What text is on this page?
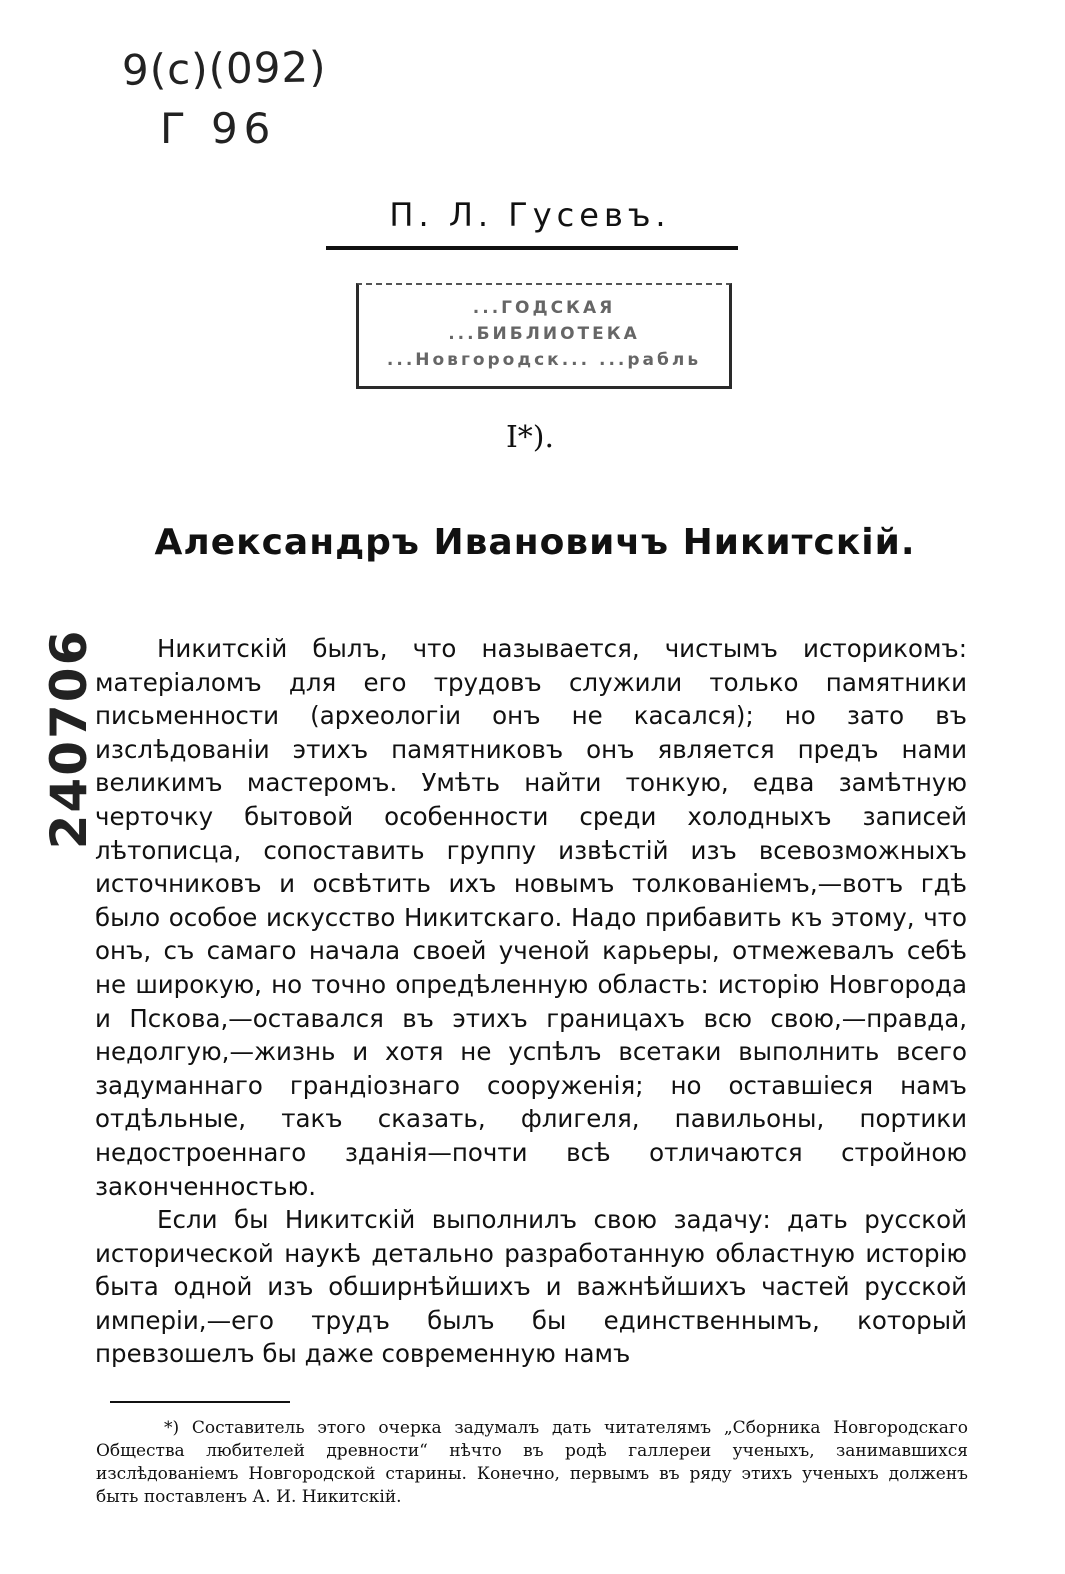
9(с)(092)
Г 96
240706
П. Л. Гусевъ.
...ГОДСКАЯ
...БИБЛИОТЕКА
...Новгородск... ...рабль
I*).
Александръ Ивановичъ Никитскій.

Никитскій былъ, что называется, чистымъ историкомъ: матеріаломъ для его трудовъ служили только памятники письменности (археологіи онъ не касался); но зато въ изслѣдованіи этихъ памятниковъ онъ является предъ нами великимъ мастеромъ. Умѣть найти тонкую, едва замѣтную черточку бытовой особенности среди холодныхъ записей лѣтописца, сопоставить группу извѣстій изъ всевозможныхъ источниковъ и освѣтить ихъ новымъ толкованіемъ,—вотъ гдѣ было особое искусство Никитскаго. Надо прибавить къ этому, что онъ, съ самаго начала своей ученой карьеры, отмежевалъ себѣ не широкую, но точно опредѣленную область: исторію Новгорода и Пскова,—оставался въ этихъ границахъ всю свою,—правда, недолгую,—жизнь и хотя не успѣлъ всетаки выполнить всего задуманнаго грандіознаго сооруженія; но оставшіеся намъ отдѣльные, такъ сказать, флигеля, павильоны, портики недостроеннаго зданія—почти всѣ отличаются стройною законченностью.

Если бы Никитскій выполнилъ свою задачу: дать русской исторической наукѣ детально разработанную областную исторію быта одной изъ обширнѣйшихъ и важнѣйшихъ частей русской имперіи,—его трудъ былъ бы единственнымъ, который превзошелъ бы даже современную намъ

*) Составитель этого очерка задумалъ дать читателямъ „Сборника Новгородскаго Общества любителей древности“ нѣчто въ родѣ галлереи ученыхъ, занимавшихся изслѣдованіемъ Новгородской старины. Конечно, первымъ въ ряду этихъ ученыхъ долженъ быть поставленъ А. И. Никитскій.
